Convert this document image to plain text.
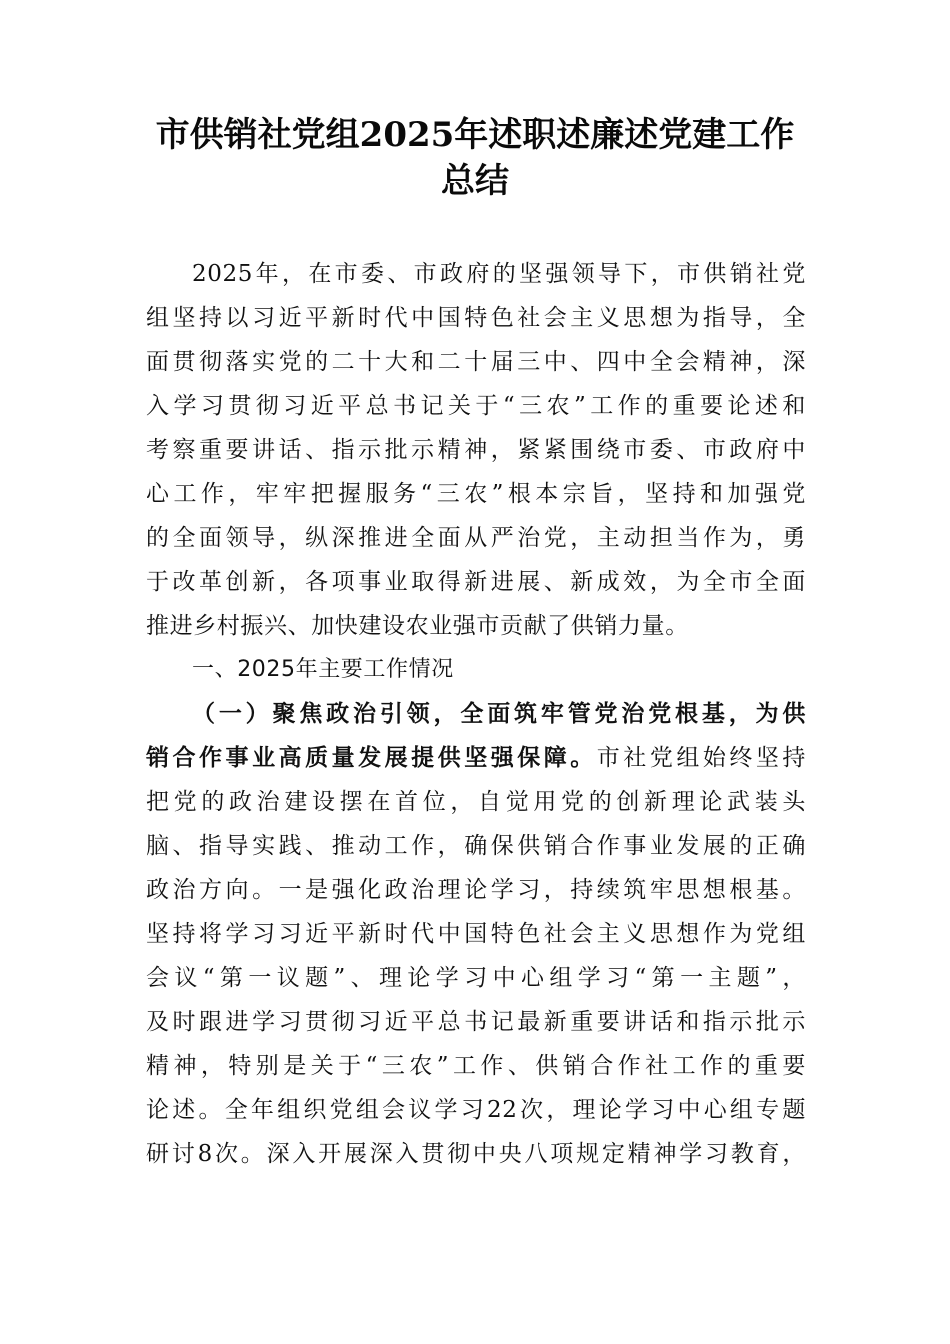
市供销社党组2025年述职述廉述党建工作
总结
2025年，在市委、市政府的坚强领导下，市供销社党
组坚持以习近平新时代中国特色社会主义思想为指导，全
面贯彻落实党的二十大和二十届三中、四中全会精神，深
入学习贯彻习近平总书记关于“三农”工作的重要论述和
考察重要讲话、指示批示精神，紧紧围绕市委、市政府中
心工作，牢牢把握服务“三农”根本宗旨，坚持和加强党
的全面领导，纵深推进全面从严治党，主动担当作为，勇
于改革创新，各项事业取得新进展、新成效，为全市全面
推进乡村振兴、加快建设农业强市贡献了供销力量。
一、2025年主要工作情况
（一）聚焦政治引领，全面筑牢管党治党根基，为供
销合作事业高质量发展提供坚强保障。市社党组始终坚持
把党的政治建设摆在首位，自觉用党的创新理论武装头
脑、指导实践、推动工作，确保供销合作事业发展的正确
政治方向。一是强化政治理论学习，持续筑牢思想根基。
坚持将学习习近平新时代中国特色社会主义思想作为党组
会议“第一议题”、理论学习中心组学习“第一主题”，
及时跟进学习贯彻习近平总书记最新重要讲话和指示批示
精神，特别是关于“三农”工作、供销合作社工作的重要
论述。全年组织党组会议学习22次，理论学习中心组专题
研讨8次。深入开展深入贯彻中央八项规定精神学习教育，
